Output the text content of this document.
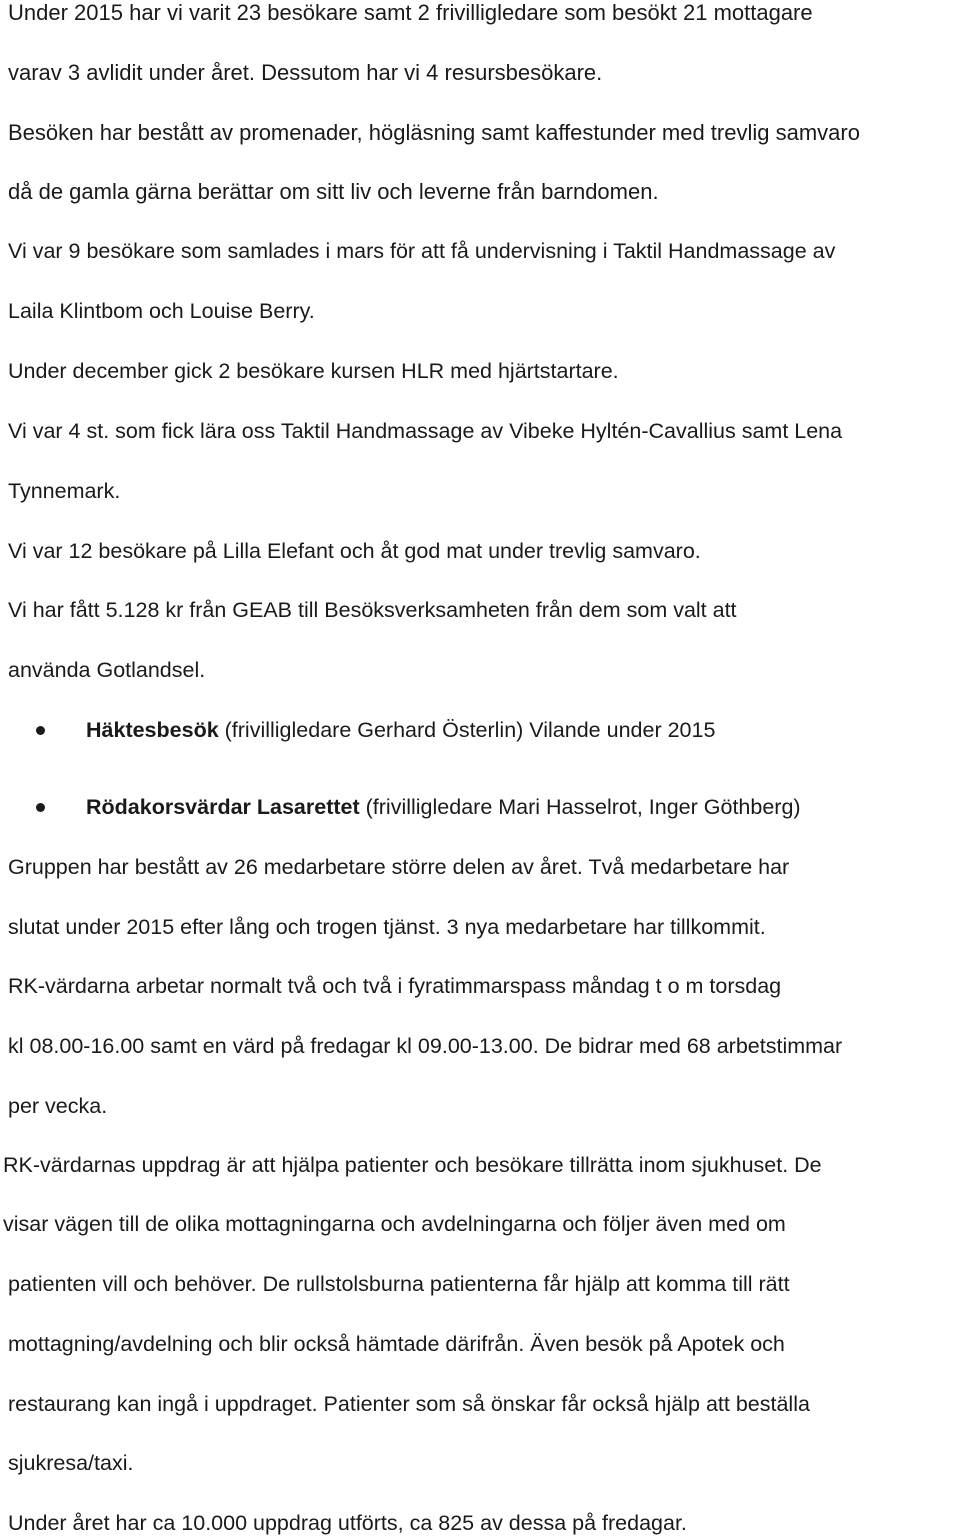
Under 2015 har vi varit 23 besökare samt 2 frivilligledare som besökt 21 mottagare
varav 3 avlidit under året. Dessutom har vi 4 resursbesökare.
Besöken har bestått av promenader, högläsning samt kaffestunder med trevlig samvaro
då de gamla gärna berättar om sitt liv och leverne från barndomen.
Vi var 9 besökare som samlades i mars för att få undervisning i Taktil Handmassage av
Laila Klintbom och Louise Berry.
Under december gick 2 besökare kursen HLR med hjärtstartare.
Vi var 4 st. som fick lära oss Taktil Handmassage av Vibeke Hyltén-Cavallius samt Lena
Tynnemark.
Vi var 12 besökare på Lilla Elefant och åt god mat under trevlig samvaro.
Vi har fått 5.128 kr från GEAB till Besöksverksamheten från dem som valt att
använda Gotlandsel.
Häktesbesök (frivilligledare Gerhard Österlin) Vilande under 2015
Rödakorsvärdar Lasarettet (frivilligledare Mari Hasselrot, Inger Göthberg)
Gruppen har bestått av 26 medarbetare större delen av året. Två medarbetare har
slutat under 2015 efter lång och trogen tjänst. 3 nya medarbetare har tillkommit.
RK-värdarna arbetar normalt två och två i fyratimmarspass måndag t o m torsdag
kl 08.00-16.00 samt en värd på fredagar kl 09.00-13.00. De bidrar med 68 arbetstimmar
per vecka.
RK-värdarnas uppdrag är att hjälpa patienter och besökare tillrätta inom sjukhuset. De
visar vägen till de olika mottagningarna och avdelningarna och följer även med om
patienten vill och behöver. De rullstolsburna patienterna får hjälp att komma till rätt
mottagning/avdelning och blir också hämtade därifrån. Även besök på Apotek och
restaurang kan ingå i uppdraget. Patienter som så önskar får också hjälp att beställa
sjukresa/taxi.
Under året har ca 10.000 uppdrag utförts, ca 825 av dessa på fredagar.
